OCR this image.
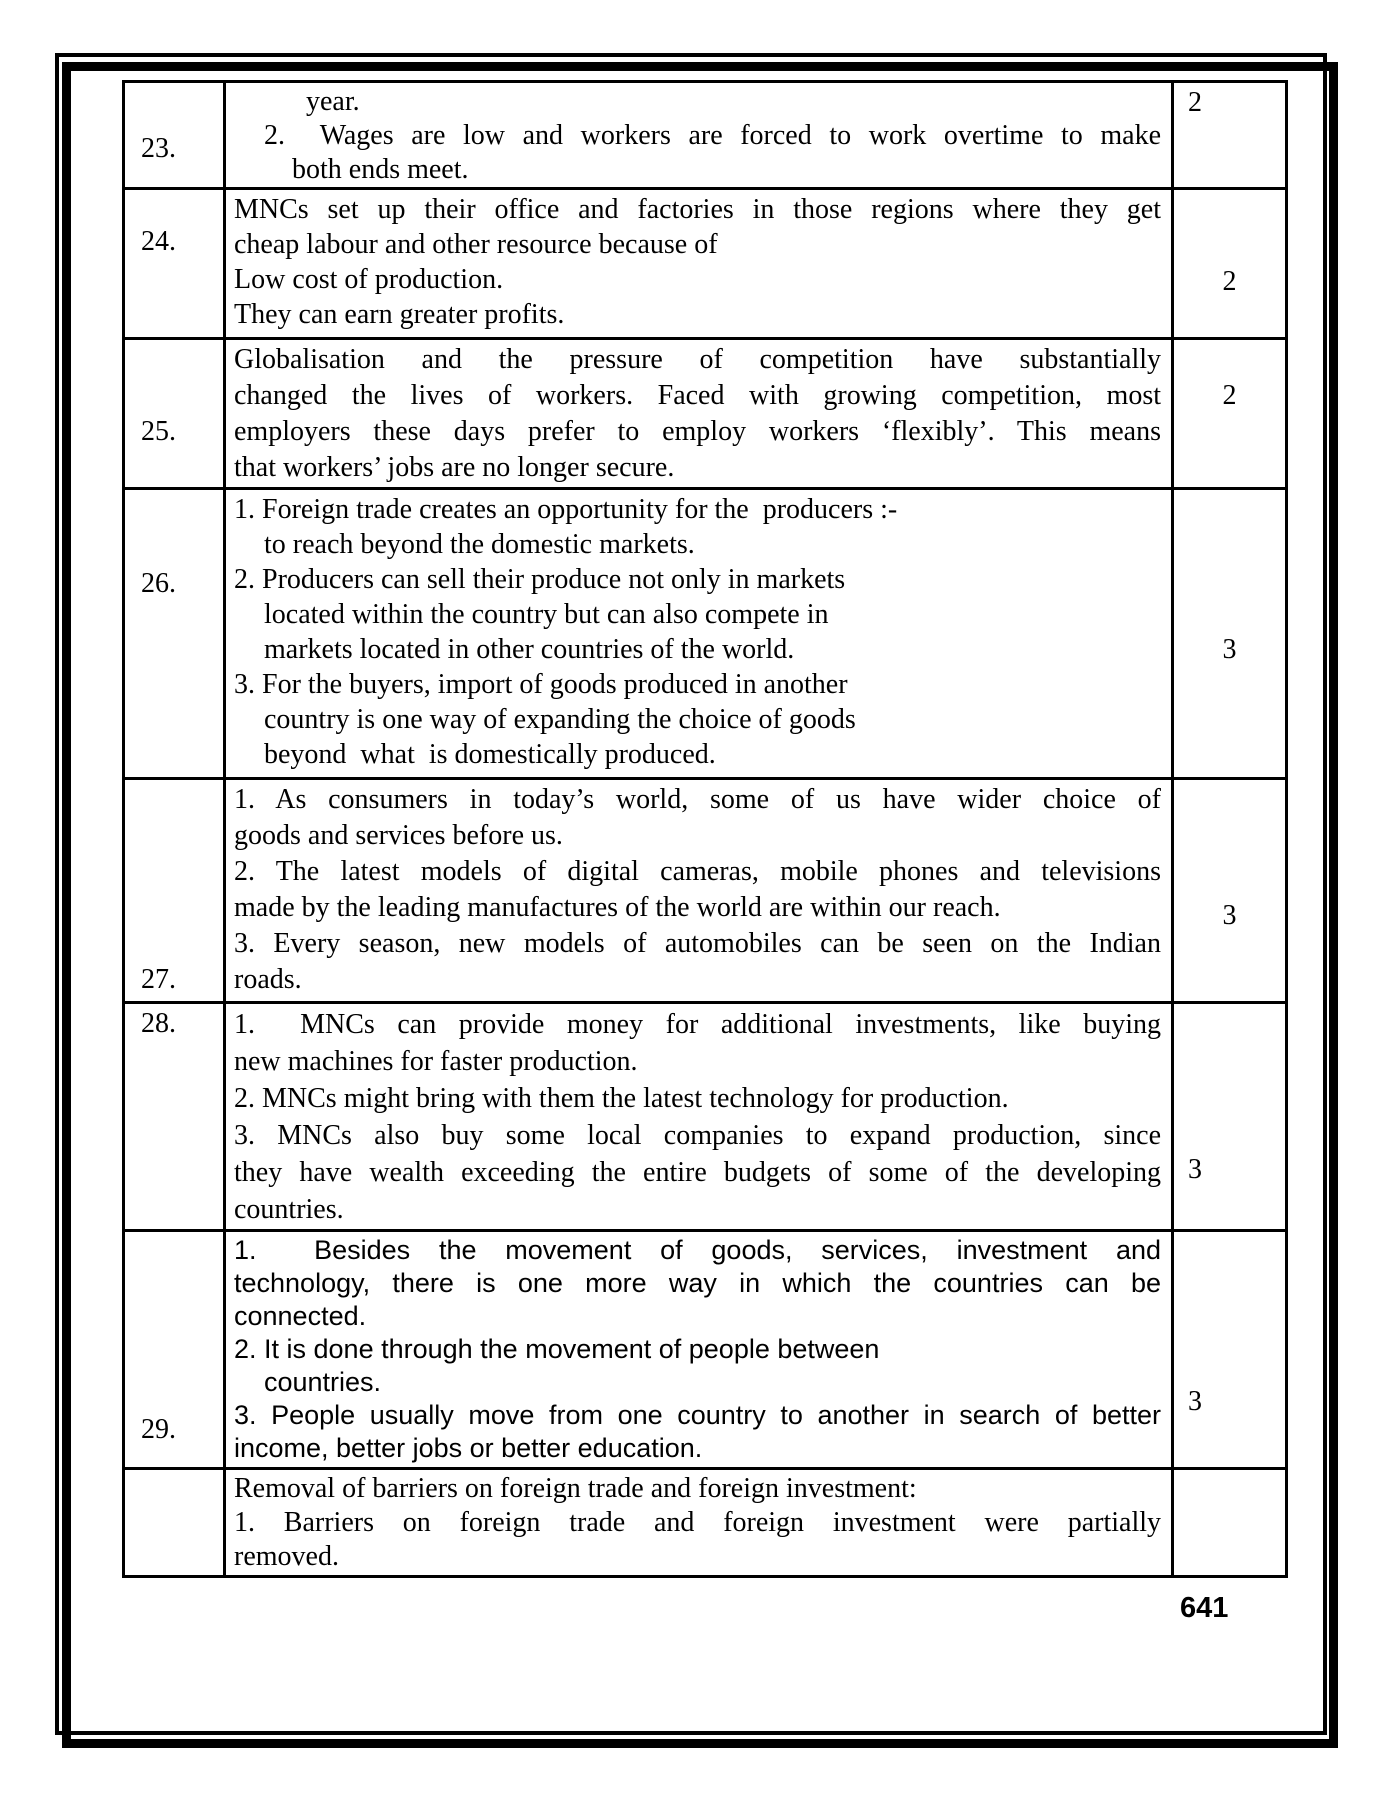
23.
year.
2.  Wages are low and workers are forced to work overtime to make
both ends meet.
2
24.
MNCs set up their office and factories in those regions where they get
cheap labour and other resource because of
Low cost of production.
They can earn greater profits.
2
25.
Globalisation and the pressure of competition have substantially
changed the lives of workers. Faced with growing competition, most
employers these days prefer to employ workers ‘flexibly’. This means
that workers’ jobs are no longer secure.
2
26.
1. Foreign trade creates an opportunity for the  producers :-
to reach beyond the domestic markets.
2. Producers can sell their produce not only in markets
located within the country but can also compete in
markets located in other countries of the world.
3. For the buyers, import of goods produced in another
country is one way of expanding the choice of goods
beyond  what  is domestically produced.
3
27.
1. As consumers in today’s world, some of us have wider choice of
goods and services before us.
2. The latest models of digital cameras, mobile phones and televisions
made by the leading manufactures of the world are within our reach.
3. Every season, new models of automobiles can be seen on the Indian
roads.
3
28.	1.  MNCs can provide money for additional investments, like buying
new machines for faster production.
2. MNCs might bring with them the latest technology for production.
3. MNCs also buy some local companies to expand production, since
they have wealth exceeding the entire budgets of some of the developing
countries.
3
29.
1.  Besides the movement of goods, services, investment and
technology, there is one more way in which the countries can be
connected.
2. It is done through the movement of people between
countries.
3. People usually move from one country to another in search of better
income, better jobs or better education.
3
Removal of barriers on foreign trade and foreign investment:
1. Barriers on foreign trade and foreign investment were partially
removed.
641
